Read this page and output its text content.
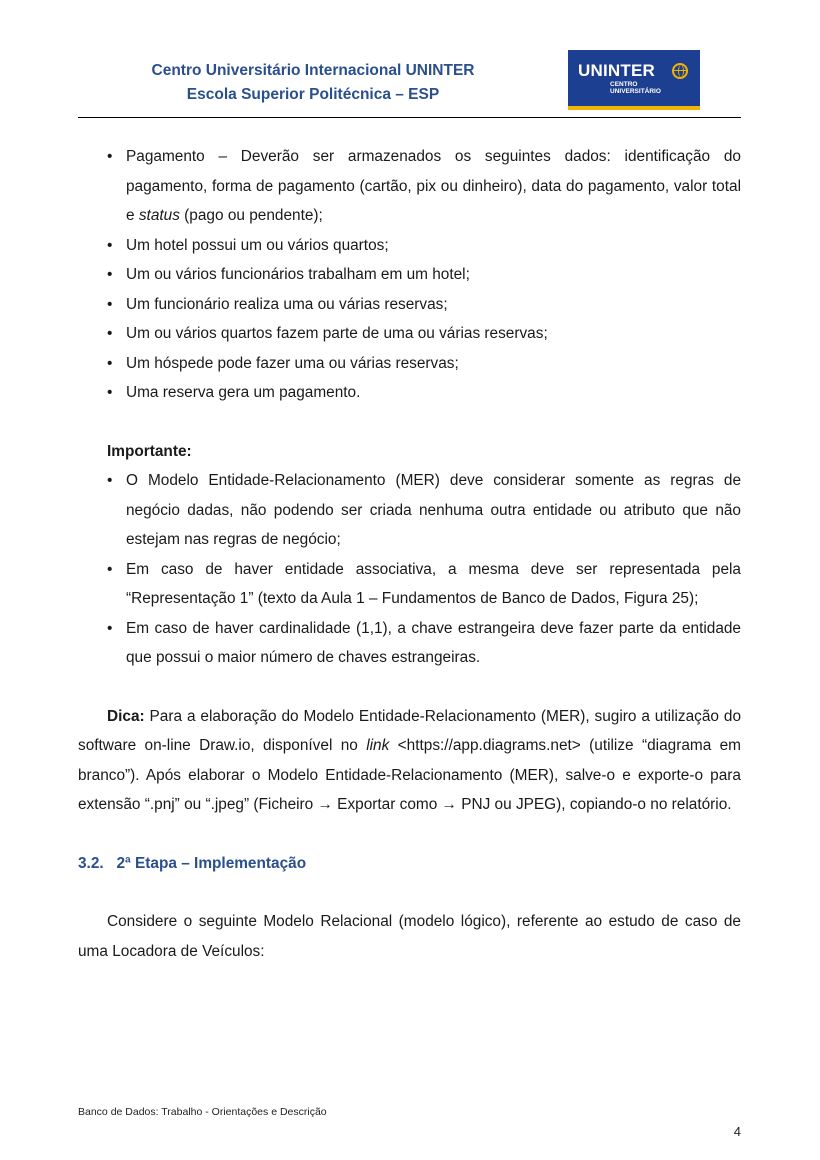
Centro Universitário Internacional UNINTER
Escola Superior Politécnica – ESP
UNINTER
CENTRO
UNIVERSITÁRIO
• Pagamento – Deverão ser armazenados os seguintes dados: identificação do pagamento, forma de pagamento (cartão, pix ou dinheiro), data do pagamento, valor total e status (pago ou pendente);
• Um hotel possui um ou vários quartos;
• Um ou vários funcionários trabalham em um hotel;
• Um funcionário realiza uma ou várias reservas;
• Um ou vários quartos fazem parte de uma ou várias reservas;
• Um hóspede pode fazer uma ou várias reservas;
• Uma reserva gera um pagamento.
Importante:
• O Modelo Entidade-Relacionamento (MER) deve considerar somente as regras de negócio dadas, não podendo ser criada nenhuma outra entidade ou atributo que não estejam nas regras de negócio;
• Em caso de haver entidade associativa, a mesma deve ser representada pela “Representação 1” (texto da Aula 1 – Fundamentos de Banco de Dados, Figura 25);
• Em caso de haver cardinalidade (1,1), a chave estrangeira deve fazer parte da entidade que possui o maior número de chaves estrangeiras.

Dica: Para a elaboração do Modelo Entidade-Relacionamento (MER), sugiro a utilização do software on-line Draw.io, disponível no link <https://app.diagrams.net> (utilize “diagrama em branco”). Após elaborar o Modelo Entidade-Relacionamento (MER), salve-o e exporte-o para extensão “.pnj” ou “.jpeg” (Ficheiro → Exportar como → PNJ ou JPEG), copiando-o no relatório.

3.2. 2ª Etapa – Implementação

Considere o seguinte Modelo Relacional (modelo lógico), referente ao estudo de caso de uma Locadora de Veículos:

Banco de Dados: Trabalho - Orientações e Descrição
4
